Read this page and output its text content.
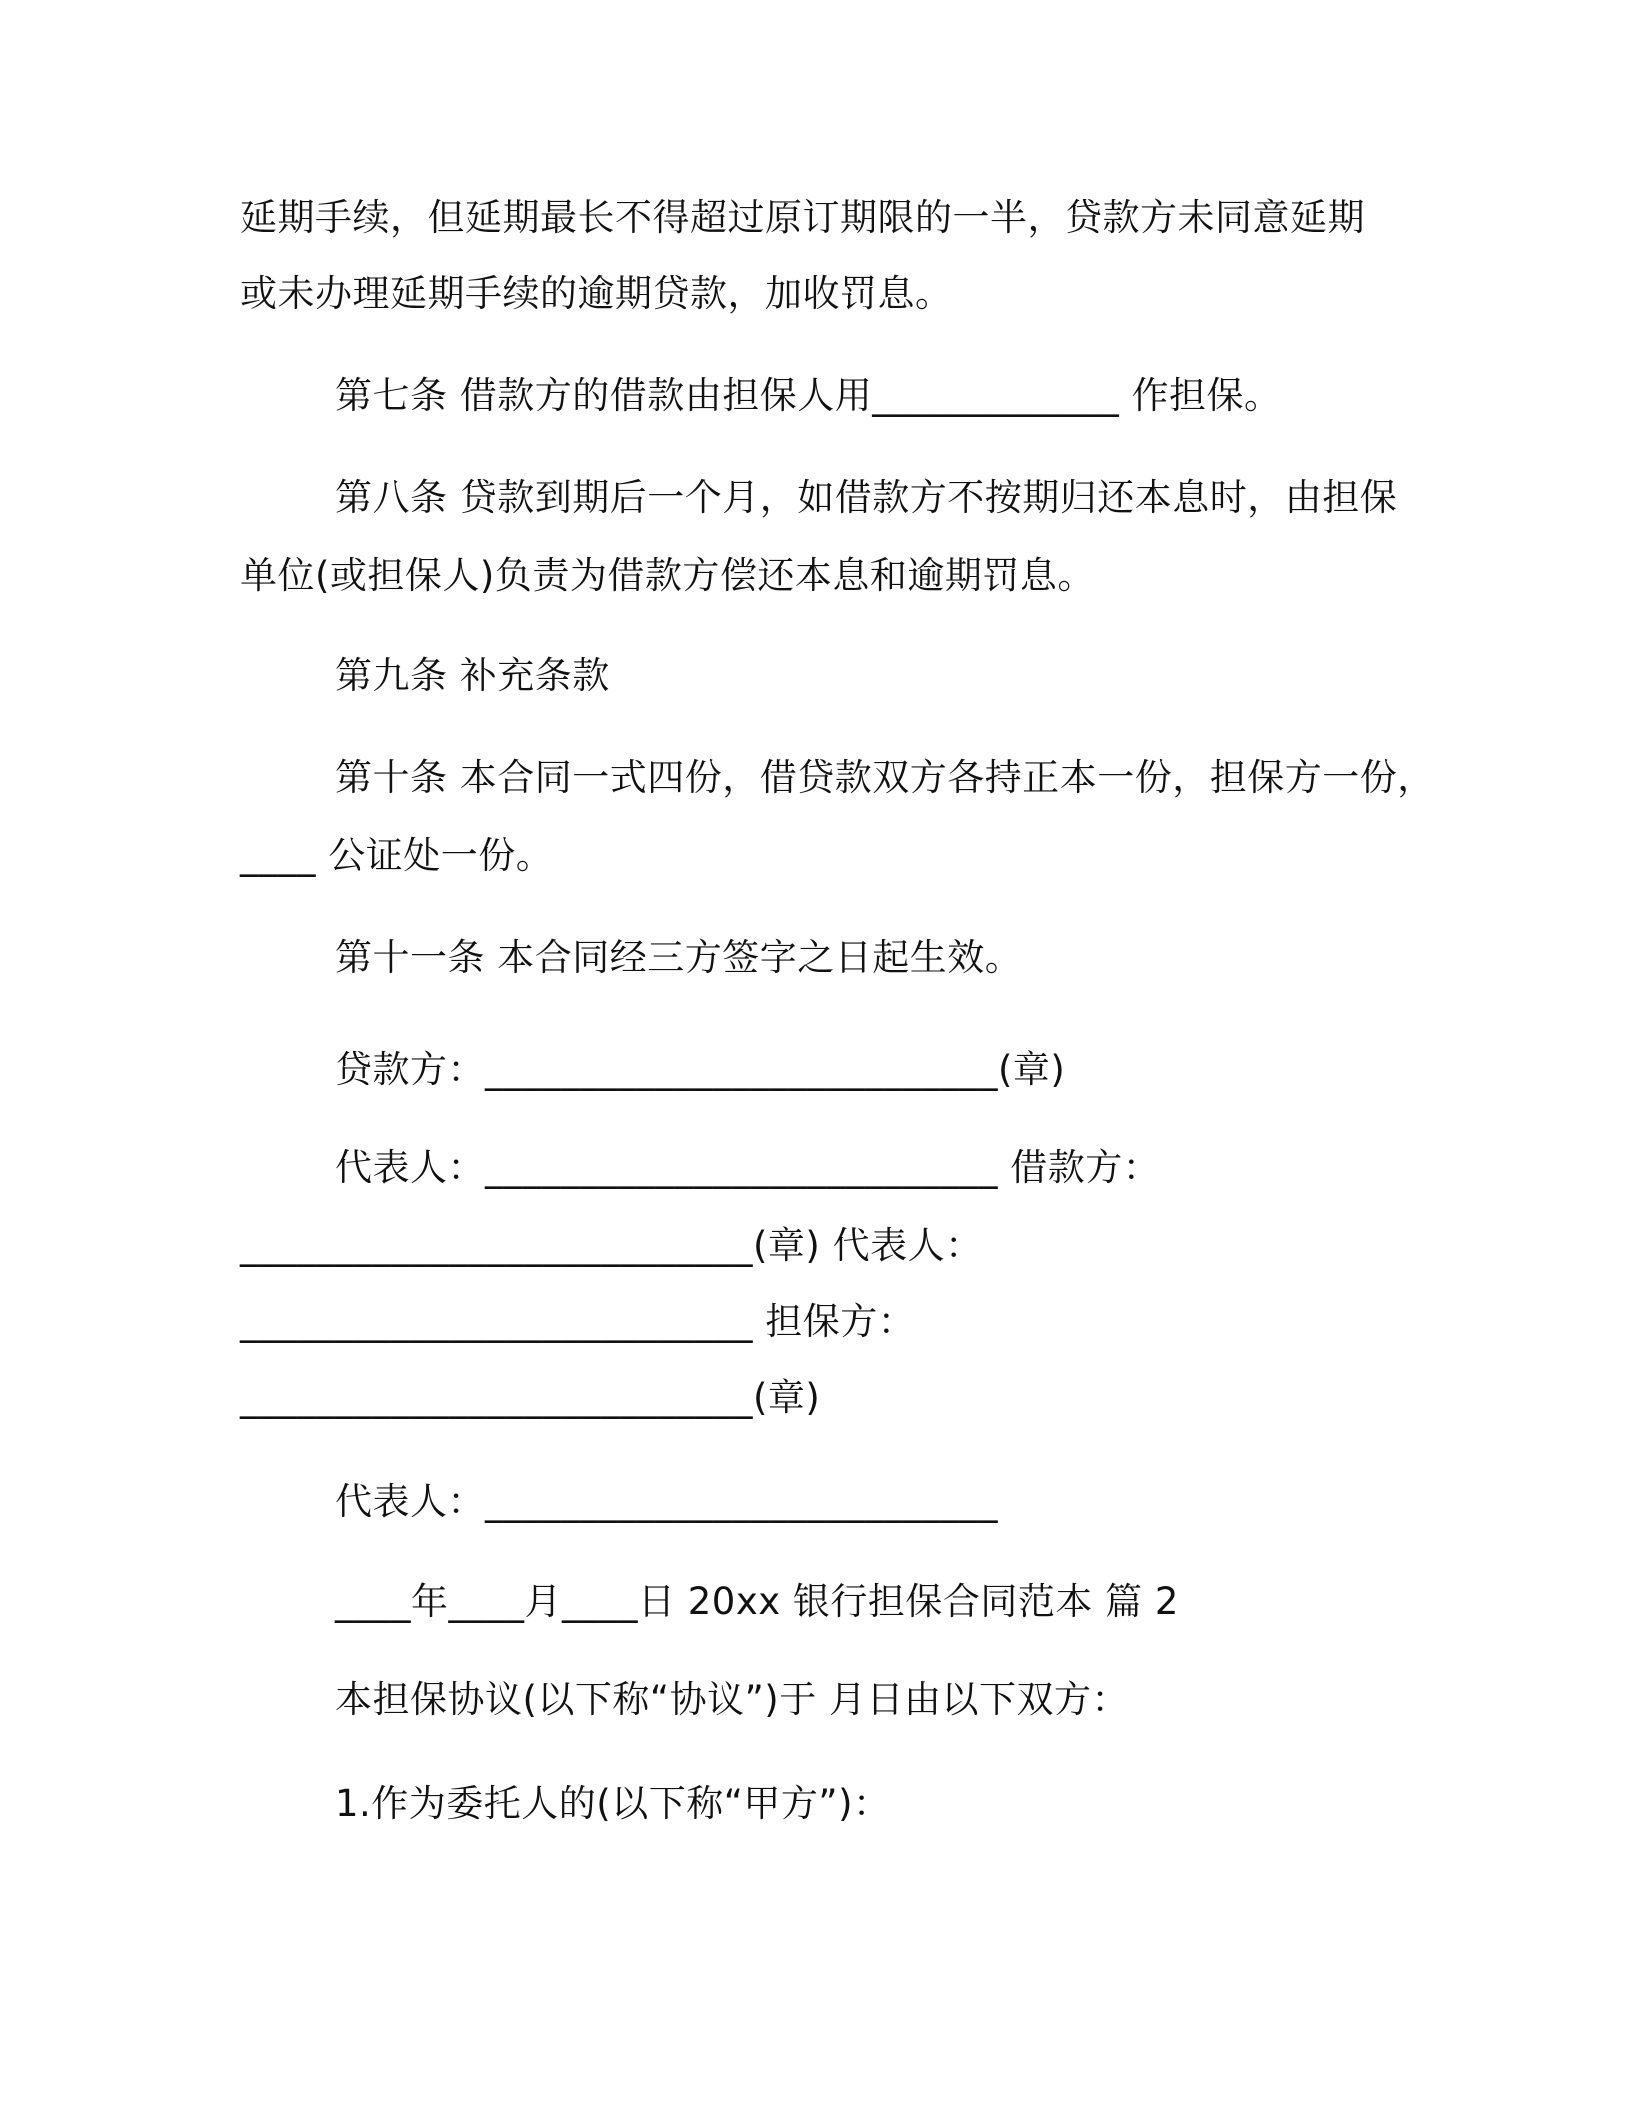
延期手续，但延期最长不得超过原订期限的一半，贷款方未同意延期

或未办理延期手续的逾期贷款，加收罚息。

第七条 借款方的借款由担保人用_____________ 作担保。

第八条 贷款到期后一个月，如借款方不按期归还本息时，由担保

单位(或担保人)负责为借款方偿还本息和逾期罚息。

第九条 补充条款

第十条 本合同一式四份，借贷款双方各持正本一份，担保方一份，

____ 公证处一份。

第十一条 本合同经三方签字之日起生效。

贷款方：___________________________(章)

代表人：___________________________ 借款方：

___________________________(章) 代表人：

___________________________ 担保方：

___________________________(章)

代表人：___________________________

____年____月____日 20xx 银行担保合同范本 篇 2

本担保协议(以下称“协议”)于 月日由以下双方：

1.作为委托人的(以下称“甲方”)：
